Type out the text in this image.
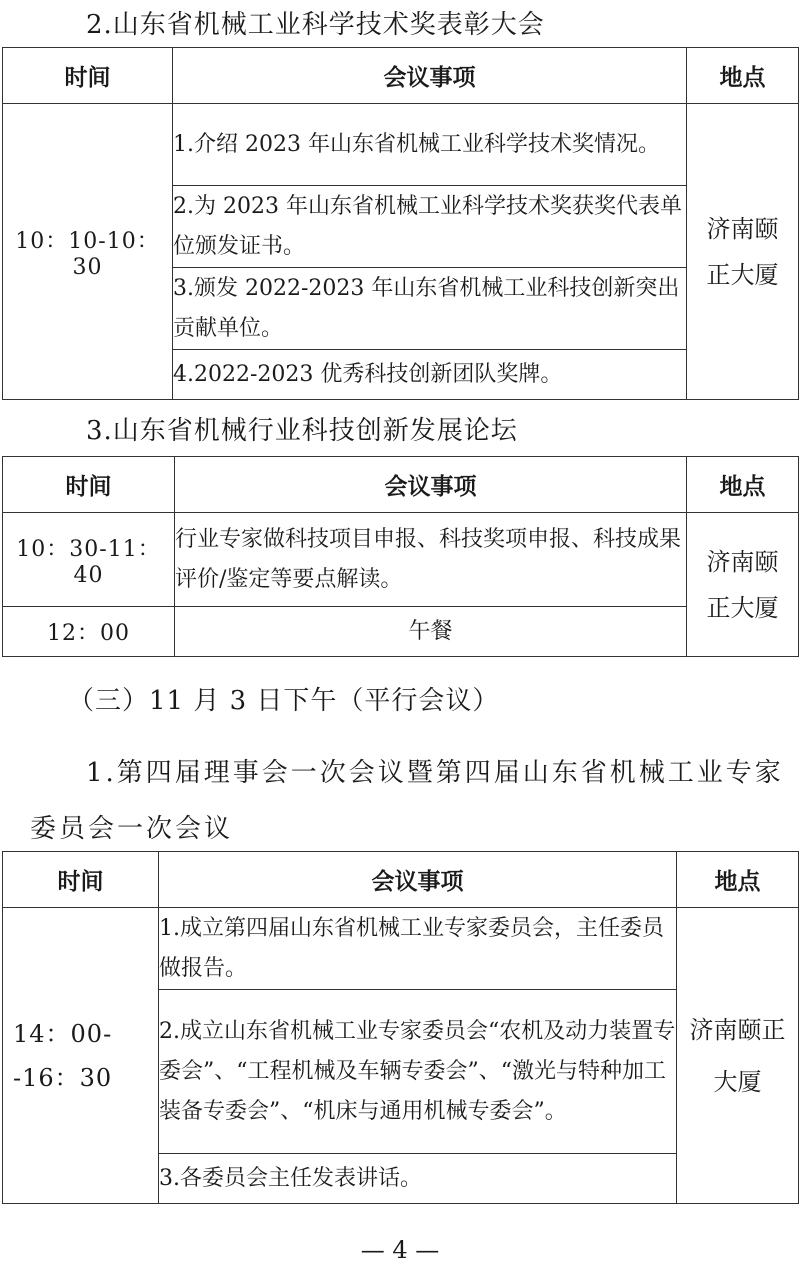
2.山东省机械工业科学技术奖表彰大会
时间	会议事项	地点
10：10-10：30	1.介绍 2023 年山东省机械工业科学技术奖情况。	济南颐正大厦

	2.为 2023 年山东省机械工业科学技术奖获奖代表单位颁发证书。	
	3.颁发 2022-2023 年山东省机械工业科技创新突出贡献单位。	
	4.2022-2023 优秀科技创新团队奖牌。	
3.山东省机械行业科技创新发展论坛
时间	会议事项	地点
10：30-11：40	行业专家做科技项目申报、科技奖项申报、科技成果评价/鉴定等要点解读。	济南颐正大厦

12：00	午餐	
（三）11 月 3 日下午（平行会议）
1.第四届理事会一次会议暨第四届山东省机械工业专家
委员会一次会议
时间	会议事项	地点

14：00--16：30	1.成立第四届山东省机械工业专家委员会，主任委员做报告。	济南颐正大厦

	2.成立山东省机械工业专家委员会“农机及动力装置专委会”、“工程机械及车辆专委会”、“激光与特种加工装备专委会”、“机床与通用机械专委会”。	
	3.各委员会主任发表讲话。	
— 4 —
